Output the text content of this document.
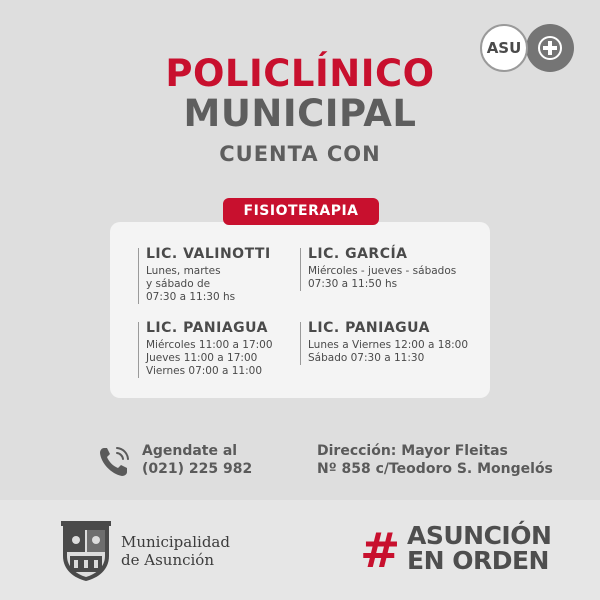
ASU
POLICLÍNICO
MUNICIPAL
CUENTA CON
FISIOTERAPIA
LIC. VALINOTTI
Lunes, martes
y sábado de
07:30 a 11:30 hs
LIC. GARCÍA
Miércoles - jueves - sábados
07:30 a 11:50 hs
LIC. PANIAGUA
Miércoles 11:00 a 17:00
Jueves 11:00 a 17:00
Viernes 07:00 a 11:00
LIC. PANIAGUA
Lunes a Viernes 12:00 a 18:00
Sábado 07:30 a 11:30
Agendate al
(021) 225 982
Dirección: Mayor Fleitas
Nº 858 c/Teodoro S. Mongelós
Municipalidad
de Asunción	# ASUNCIÓN
EN ORDEN
